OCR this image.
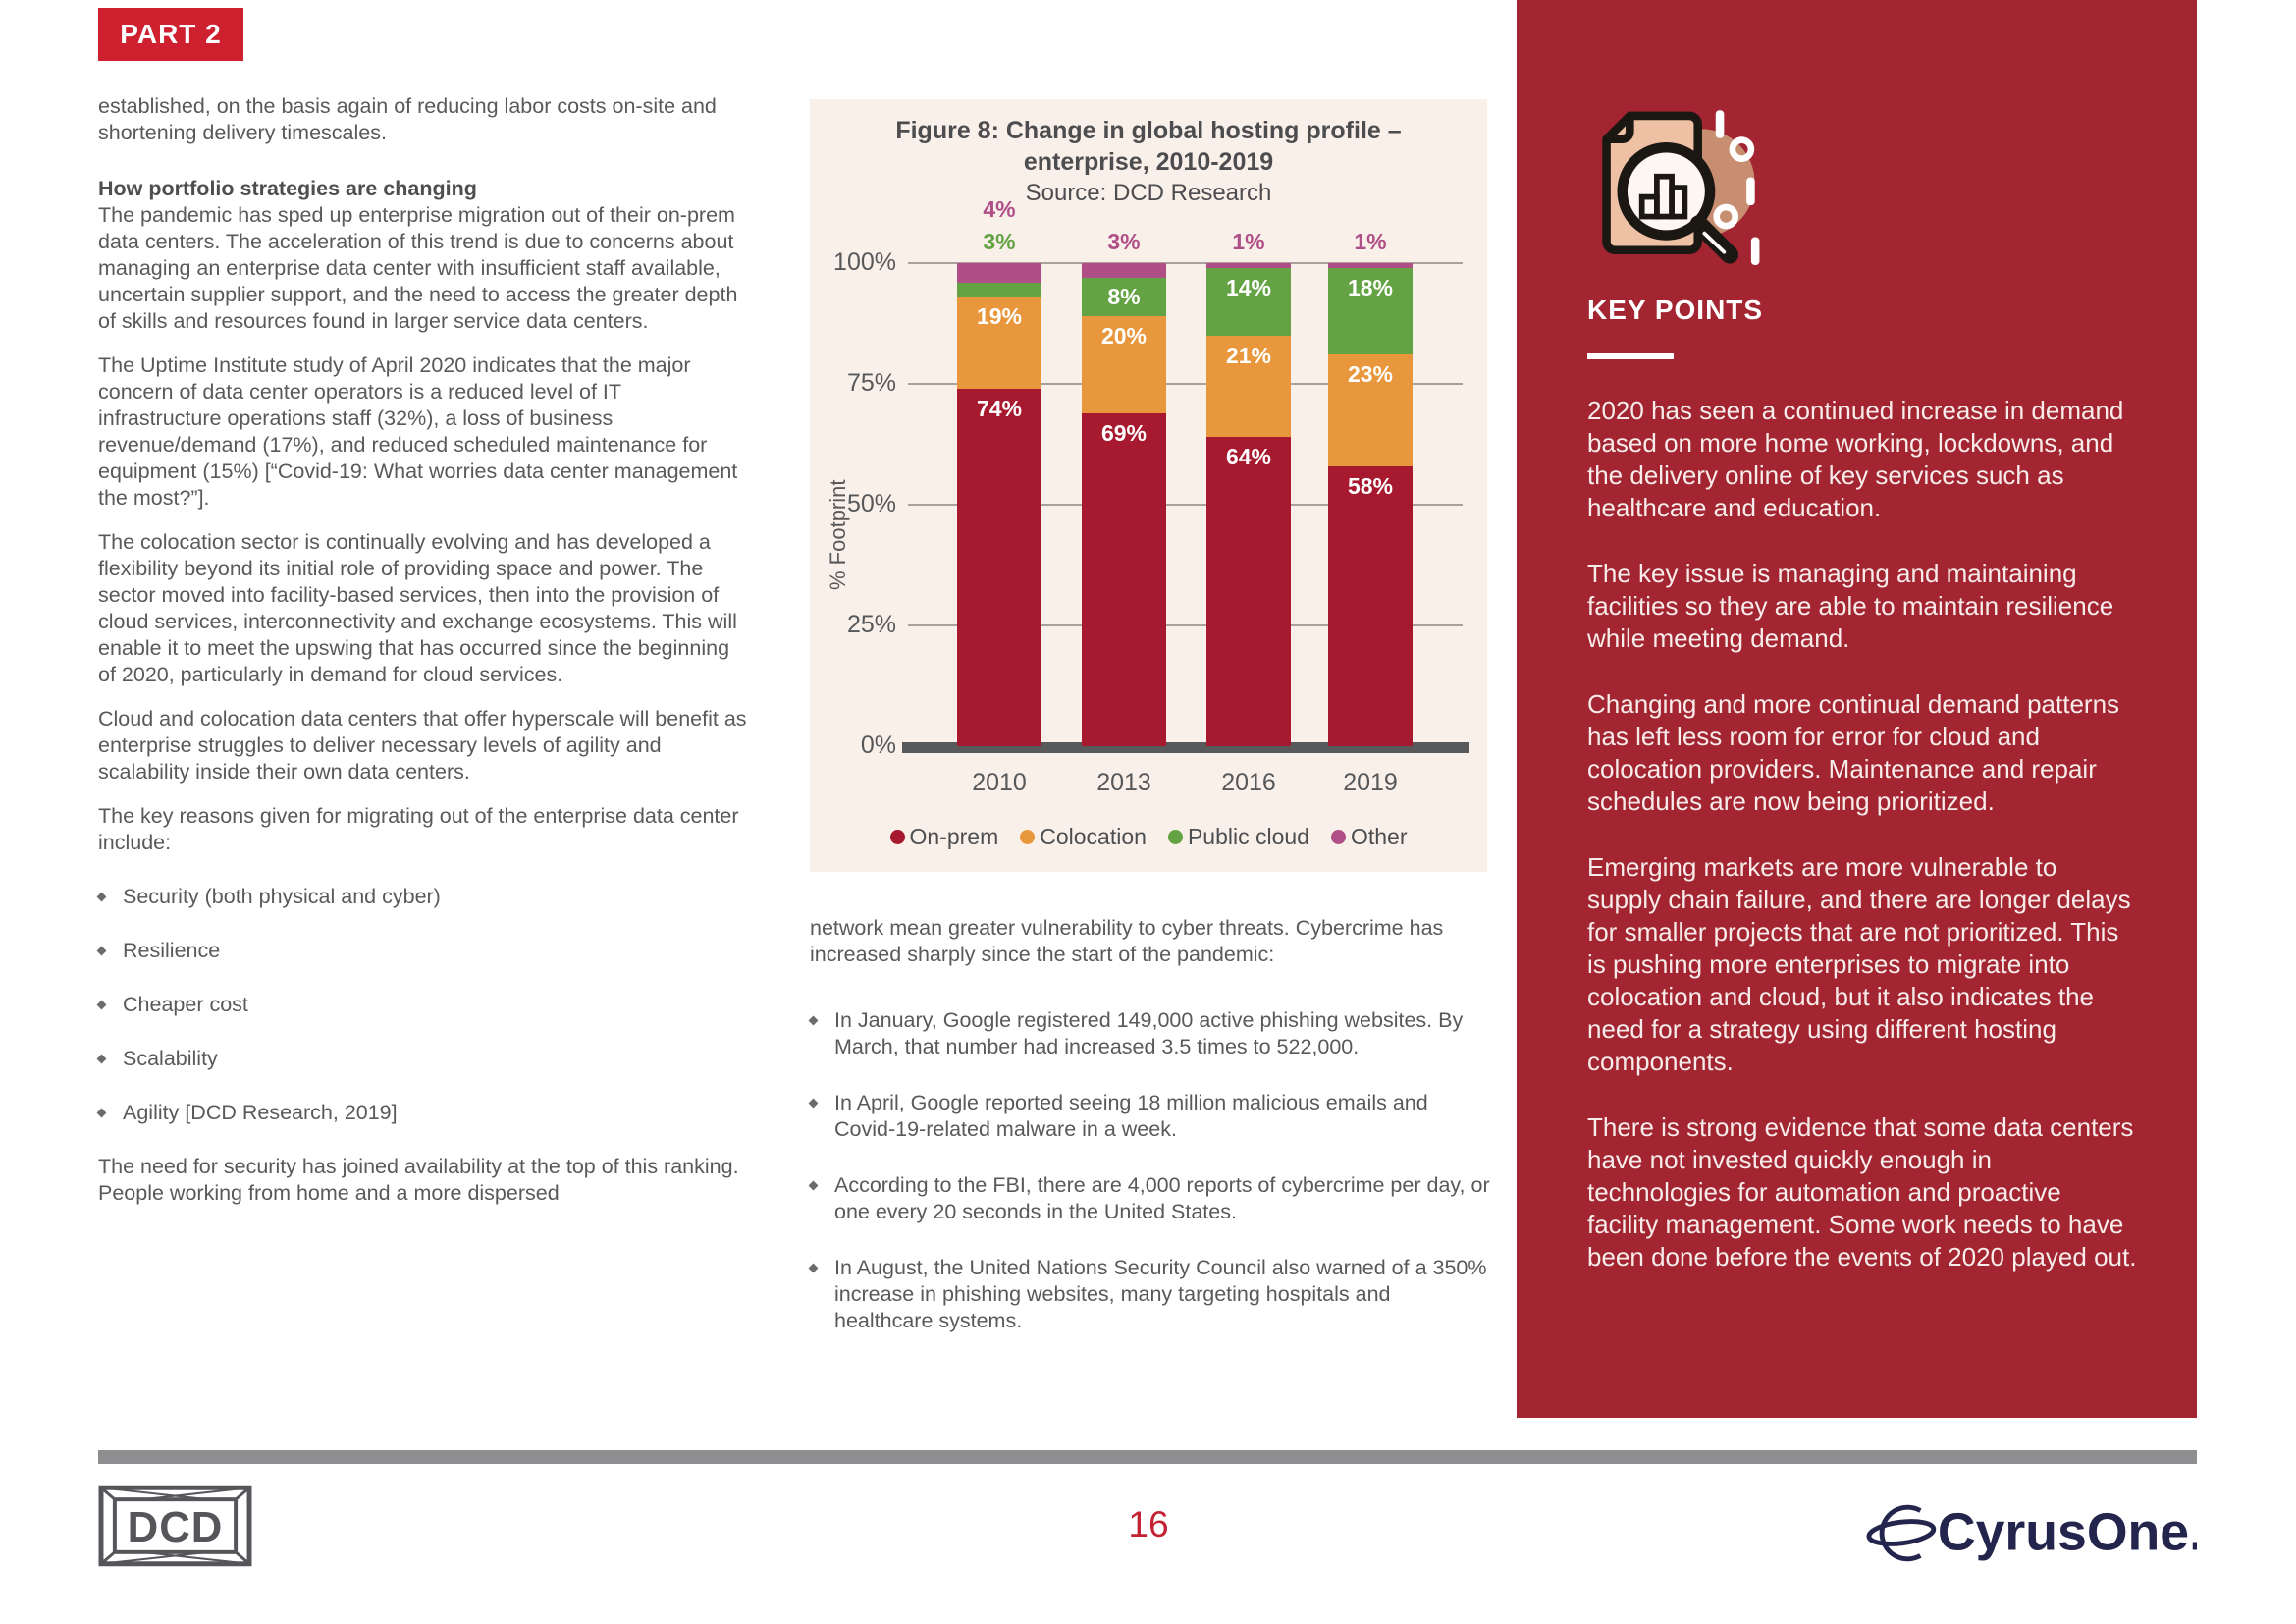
PART 2

established, on the basis again of reducing labor costs on-site and shortening delivery timescales.

How portfolio strategies are changing

The pandemic has sped up enterprise migration out of their on-prem data centers. The acceleration of this trend is due to concerns about managing an enterprise data center with insufficient staff available, uncertain supplier support, and the need to access the greater depth of skills and resources found in larger service data centers.

The Uptime Institute study of April 2020 indicates that the major concern of data center operators is a reduced level of IT infrastructure operations staff (32%), a loss of business revenue/demand (17%), and reduced scheduled maintenance for equipment (15%) [“Covid-19: What worries data center management the most?”].

The colocation sector is continually evolving and has developed a flexibility beyond its initial role of providing space and power. The sector moved into facility-based services, then into the provision of cloud services, interconnectivity and exchange ecosystems. This will enable it to meet the upswing that has occurred since the beginning of 2020, particularly in demand for cloud services.

Cloud and colocation data centers that offer hyperscale will benefit as enterprise struggles to deliver necessary levels of agility and scalability inside their own data centers.

The key reasons given for migrating out of the enterprise data center include:

Security (both physical and cyber)
Resilience
Cheaper cost
Scalability
Agility [DCD Research, 2019]

The need for security has joined availability at the top of this ranking. People working from home and a more dispersed

Figure 8: Change in global hosting profile –
enterprise, 2010-2019
Source: DCD Research
% Footprint
100%
75%
50%
25%
0%
74%
19%
3%
4%
2010
69%
20%
8%
3%
2013
64%
21%
14%
1%
2016
58%
23%
18%
1%
2019
On-prem Colocation Public cloud Other

network mean greater vulnerability to cyber threats. Cybercrime has increased sharply since the start of the pandemic:

In January, Google registered 149,000 active phishing websites. By March, that number had increased 3.5 times to 522,000.
In April, Google reported seeing 18 million malicious emails and Covid-19-related malware in a week.
According to the FBI, there are 4,000 reports of cybercrime per day, or one every 20 seconds in the United States.
In August, the United Nations Security Council also warned of a 350% increase in phishing websites, many targeting hospitals and healthcare systems.
KEY POINTS

2020 has seen a continued increase in demand based on more home working, lockdowns, and the delivery online of key services such as healthcare and education.

The key issue is managing and maintaining facilities so they are able to maintain resilience while meeting demand.

Changing and more continual demand patterns has left less room for error for cloud and colocation providers. Maintenance and repair schedules are now being prioritized.

Emerging markets are more vulnerable to supply chain failure, and there are longer delays for smaller projects that are not prioritized. This is pushing more enterprises to migrate into colocation and cloud, but it also indicates the need for a strategy using different hosting components.

There is strong evidence that some data centers have not invested quickly enough in technologies for automation and proactive facility management. Some work needs to have been done before the events of 2020 played out.

DCD	16	CyrusOne.
